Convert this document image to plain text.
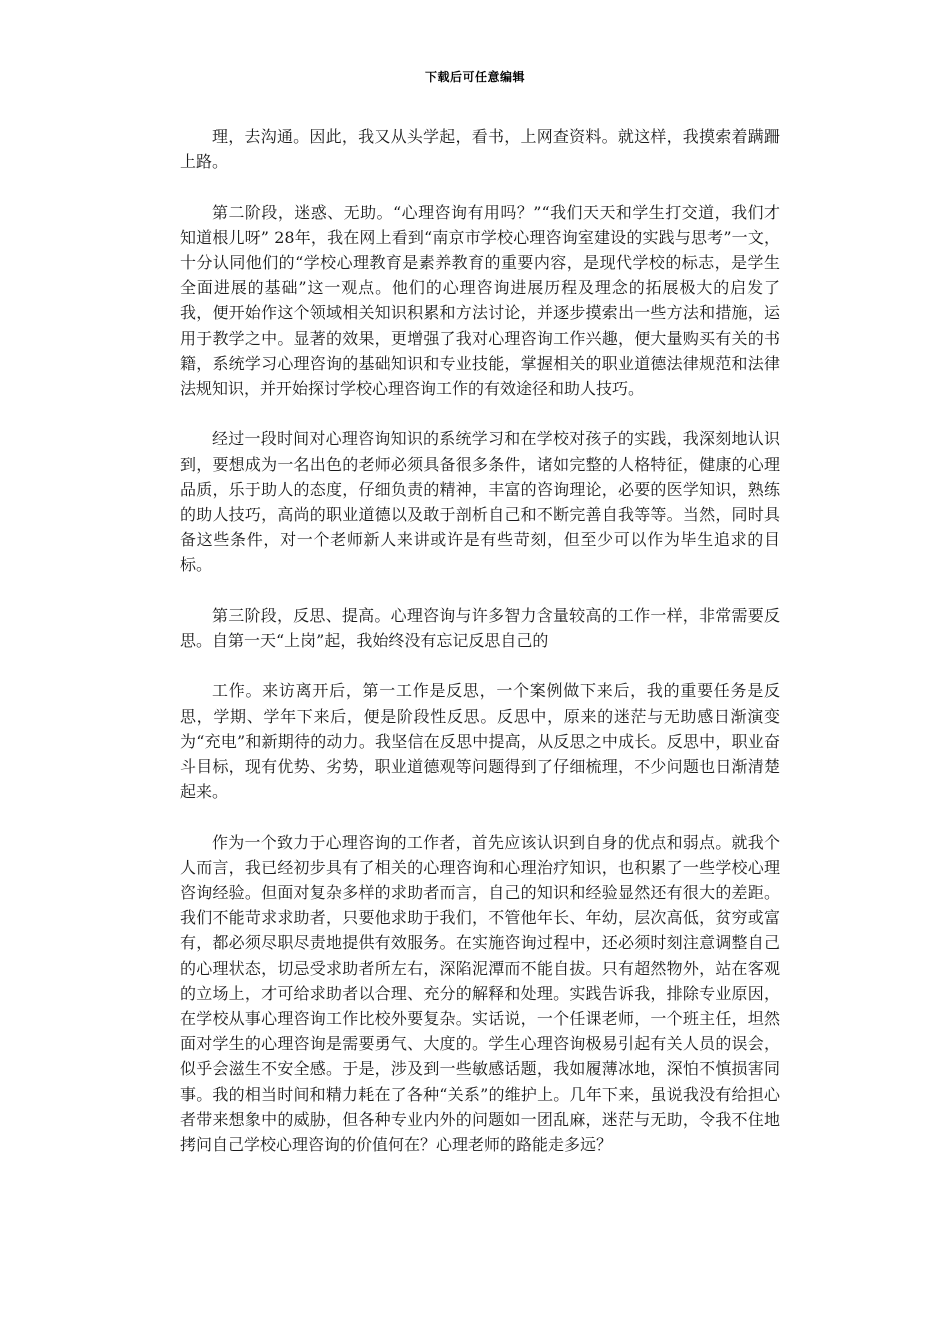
下载后可任意编辑

理，去沟通。因此，我又从头学起，看书，上网查资料。就这样，我摸索着蹒跚上路。

第二阶段，迷惑、无助。“心理咨询有用吗？”“我们天天和学生打交道，我们才知道根儿呀” 28年，我在网上看到“南京市学校心理咨询室建设的实践与思考”一文，十分认同他们的“学校心理教育是素养教育的重要内容，是现代学校的标志，是学生全面进展的基础”这一观点。他们的心理咨询进展历程及理念的拓展极大的启发了我，便开始作这个领域相关知识积累和方法讨论，并逐步摸索出一些方法和措施，运用于教学之中。显著的效果，更增强了我对心理咨询工作兴趣，便大量购买有关的书籍，系统学习心理咨询的基础知识和专业技能，掌握相关的职业道德法律规范和法律法规知识，并开始探讨学校心理咨询工作的有效途径和助人技巧。

经过一段时间对心理咨询知识的系统学习和在学校对孩子的实践，我深刻地认识到，要想成为一名出色的老师必须具备很多条件，诸如完整的人格特征，健康的心理品质，乐于助人的态度，仔细负责的精神，丰富的咨询理论，必要的医学知识，熟练的助人技巧，高尚的职业道德以及敢于剖析自己和不断完善自我等等。当然，同时具备这些条件，对一个老师新人来讲或许是有些苛刻，但至少可以作为毕生追求的目标。

第三阶段，反思、提高。心理咨询与许多智力含量较高的工作一样，非常需要反思。自第一天“上岗”起，我始终没有忘记反思自己的

工作。来访离开后，第一工作是反思，一个案例做下来后，我的重要任务是反思，学期、学年下来后，便是阶段性反思。反思中，原来的迷茫与无助感日渐演变为“充电”和新期待的动力。我坚信在反思中提高，从反思之中成长。反思中，职业奋斗目标，现有优势、劣势，职业道德观等问题得到了仔细梳理，不少问题也日渐清楚起来。

作为一个致力于心理咨询的工作者，首先应该认识到自身的优点和弱点。就我个人而言，我已经初步具有了相关的心理咨询和心理治疗知识，也积累了一些学校心理咨询经验。但面对复杂多样的求助者而言，自己的知识和经验显然还有很大的差距。我们不能苛求求助者，只要他求助于我们，不管他年长、年幼，层次高低，贫穷或富有，都必须尽职尽责地提供有效服务。在实施咨询过程中，还必须时刻注意调整自己的心理状态，切忌受求助者所左右，深陷泥潭而不能自拔。只有超然物外，站在客观的立场上，才可给求助者以合理、充分的解释和处理。实践告诉我，排除专业原因，在学校从事心理咨询工作比校外要复杂。实话说，一个任课老师，一个班主任，坦然面对学生的心理咨询是需要勇气、大度的。学生心理咨询极易引起有关人员的误会，似乎会滋生不安全感。于是，涉及到一些敏感话题，我如履薄冰地，深怕不慎损害同事。我的相当时间和精力耗在了各种“关系”的维护上。几年下来，虽说我没有给担心者带来想象中的威胁，但各种专业内外的问题如一团乱麻，迷茫与无助，令我不住地拷问自己学校心理咨询的价值何在？心理老师的路能走多远？
